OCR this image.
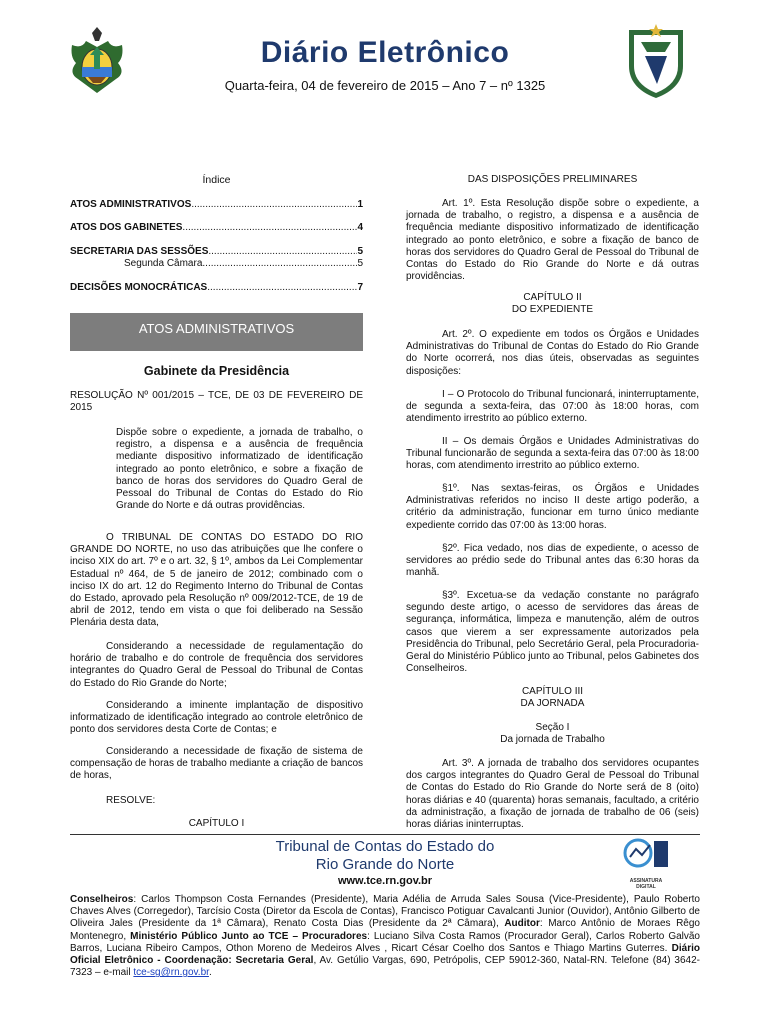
Diário Eletrônico
Quarta-feira, 04 de fevereiro de 2015 – Ano 7 – nº 1325
Índice
ATOS ADMINISTRATIVOS .....	1
ATOS DOS GABINETES .....	4
SECRETARIA DAS SESSÕES .....	5
Segunda Câmara .....	5
DECISÕES MONOCRÁTICAS .....	7
ATOS ADMINISTRATIVOS
Gabinete da Presidência

RESOLUÇÃO Nº 001/2015 – TCE, DE 03 DE FEVEREIRO DE 2015

Dispõe sobre o expediente, a jornada de trabalho, o registro, a dispensa e a ausência de frequência mediante dispositivo informatizado de identificação integrado ao ponto eletrônico, e sobre a fixação de banco de horas dos servidores do Quadro Geral de Pessoal do Tribunal de Contas do Estado do Rio Grande do Norte e dá outras providências.

O TRIBUNAL DE CONTAS DO ESTADO DO RIO GRANDE DO NORTE, no uso das atribuições que lhe confere o inciso XIX do art. 7º e o art. 32, § 1º, ambos da Lei Complementar Estadual nº 464, de 5 de janeiro de 2012; combinado com o inciso IX do art. 12 do Regimento Interno do Tribunal de Contas do Estado, aprovado pela Resolução nº 009/2012-TCE, de 19 de abril de 2012, tendo em vista o que foi deliberado na Sessão Plenária desta data,

Considerando a necessidade de regulamentação do horário de trabalho e do controle de frequência dos servidores integrantes do Quadro Geral de Pessoal do Tribunal de Contas do Estado do Rio Grande do Norte;

Considerando a iminente implantação de dispositivo informatizado de identificação integrado ao controle eletrônico de ponto dos servidores desta Corte de Contas; e

Considerando a necessidade de fixação de sistema de compensação de horas de trabalho mediante a criação de bancos de horas,

RESOLVE:

CAPÍTULO I

DAS DISPOSIÇÕES PRELIMINARES

Art. 1º. Esta Resolução dispõe sobre o expediente, a jornada de trabalho, o registro, a dispensa e a ausência de frequência mediante dispositivo informatizado de identificação integrado ao ponto eletrônico, e sobre a fixação de banco de horas dos servidores do Quadro Geral de Pessoal do Tribunal de Contas do Estado do Rio Grande do Norte e dá outras providências.

CAPÍTULO II

DO EXPEDIENTE

Art. 2º. O expediente em todos os Órgãos e Unidades Administrativas do Tribunal de Contas do Estado do Rio Grande do Norte ocorrerá, nos dias úteis, observadas as seguintes disposições:

I – O Protocolo do Tribunal funcionará, ininterruptamente, de segunda a sexta-feira, das 07:00 às 18:00 horas, com atendimento irrestrito ao público externo.

II – Os demais Órgãos e Unidades Administrativas do Tribunal funcionarão de segunda a sexta-feira das 07:00 às 18:00 horas, com atendimento irrestrito ao público externo.

§1º. Nas sextas-feiras, os Órgãos e Unidades Administrativas referidos no inciso II deste artigo poderão, a critério da administração, funcionar em turno único mediante expediente corrido das 07:00 às 13:00 horas.

§2º. Fica vedado, nos dias de expediente, o acesso de servidores ao prédio sede do Tribunal antes das 6:30 horas da manhã.

§3º. Excetua-se da vedação constante no parágrafo segundo deste artigo, o acesso de servidores das áreas de segurança, informática, limpeza e manutenção, além de outros casos que vierem a ser expressamente autorizados pela Presidência do Tribunal, pelo Secretário Geral, pela Procuradoria-Geral do Ministério Público junto ao Tribunal, pelos Gabinetes dos Conselheiros.

CAPÍTULO III

DA JORNADA

Seção I

Da jornada de Trabalho

Art. 3º. A jornada de trabalho dos servidores ocupantes dos cargos integrantes do Quadro Geral de Pessoal do Tribunal de Contas do Estado do Rio Grande do Norte será de 8 (oito) horas diárias e 40 (quarenta) horas semanais, facultado, a critério da administração, a fixação de jornada de trabalho de 06 (seis) horas diárias ininterruptas.

Tribunal de Contas do Estado do
Rio Grande do Norte
www.tce.rn.gov.br	ASSINATURA DIGITAL
Conselheiros: Carlos Thompson Costa Fernandes (Presidente), Maria Adélia de Arruda Sales Sousa (Vice-Presidente), Paulo Roberto Chaves Alves (Corregedor), Tarcísio Costa (Diretor da Escola de Contas), Francisco Potiguar Cavalcanti Junior (Ouvidor), Antônio Gilberto de Oliveira Jales (Presidente da 1ª Câmara), Renato Costa Dias (Presidente da 2ª Câmara), Auditor: Marco Antônio de Moraes Rêgo Montenegro, Ministério Público Junto ao TCE – Procuradores: Luciano Silva Costa Ramos (Procurador Geral), Carlos Roberto Galvão Barros, Luciana Ribeiro Campos, Othon Moreno de Medeiros Alves , Ricart César Coelho dos Santos e Thiago Martins Guterres. Diário Oficial Eletrônico - Coordenação: Secretaria Geral, Av. Getúlio Vargas, 690, Petrópolis, CEP 59012-360, Natal-RN. Telefone (84) 3642-7323 – e-mail tce-sg@rn.gov.br.
